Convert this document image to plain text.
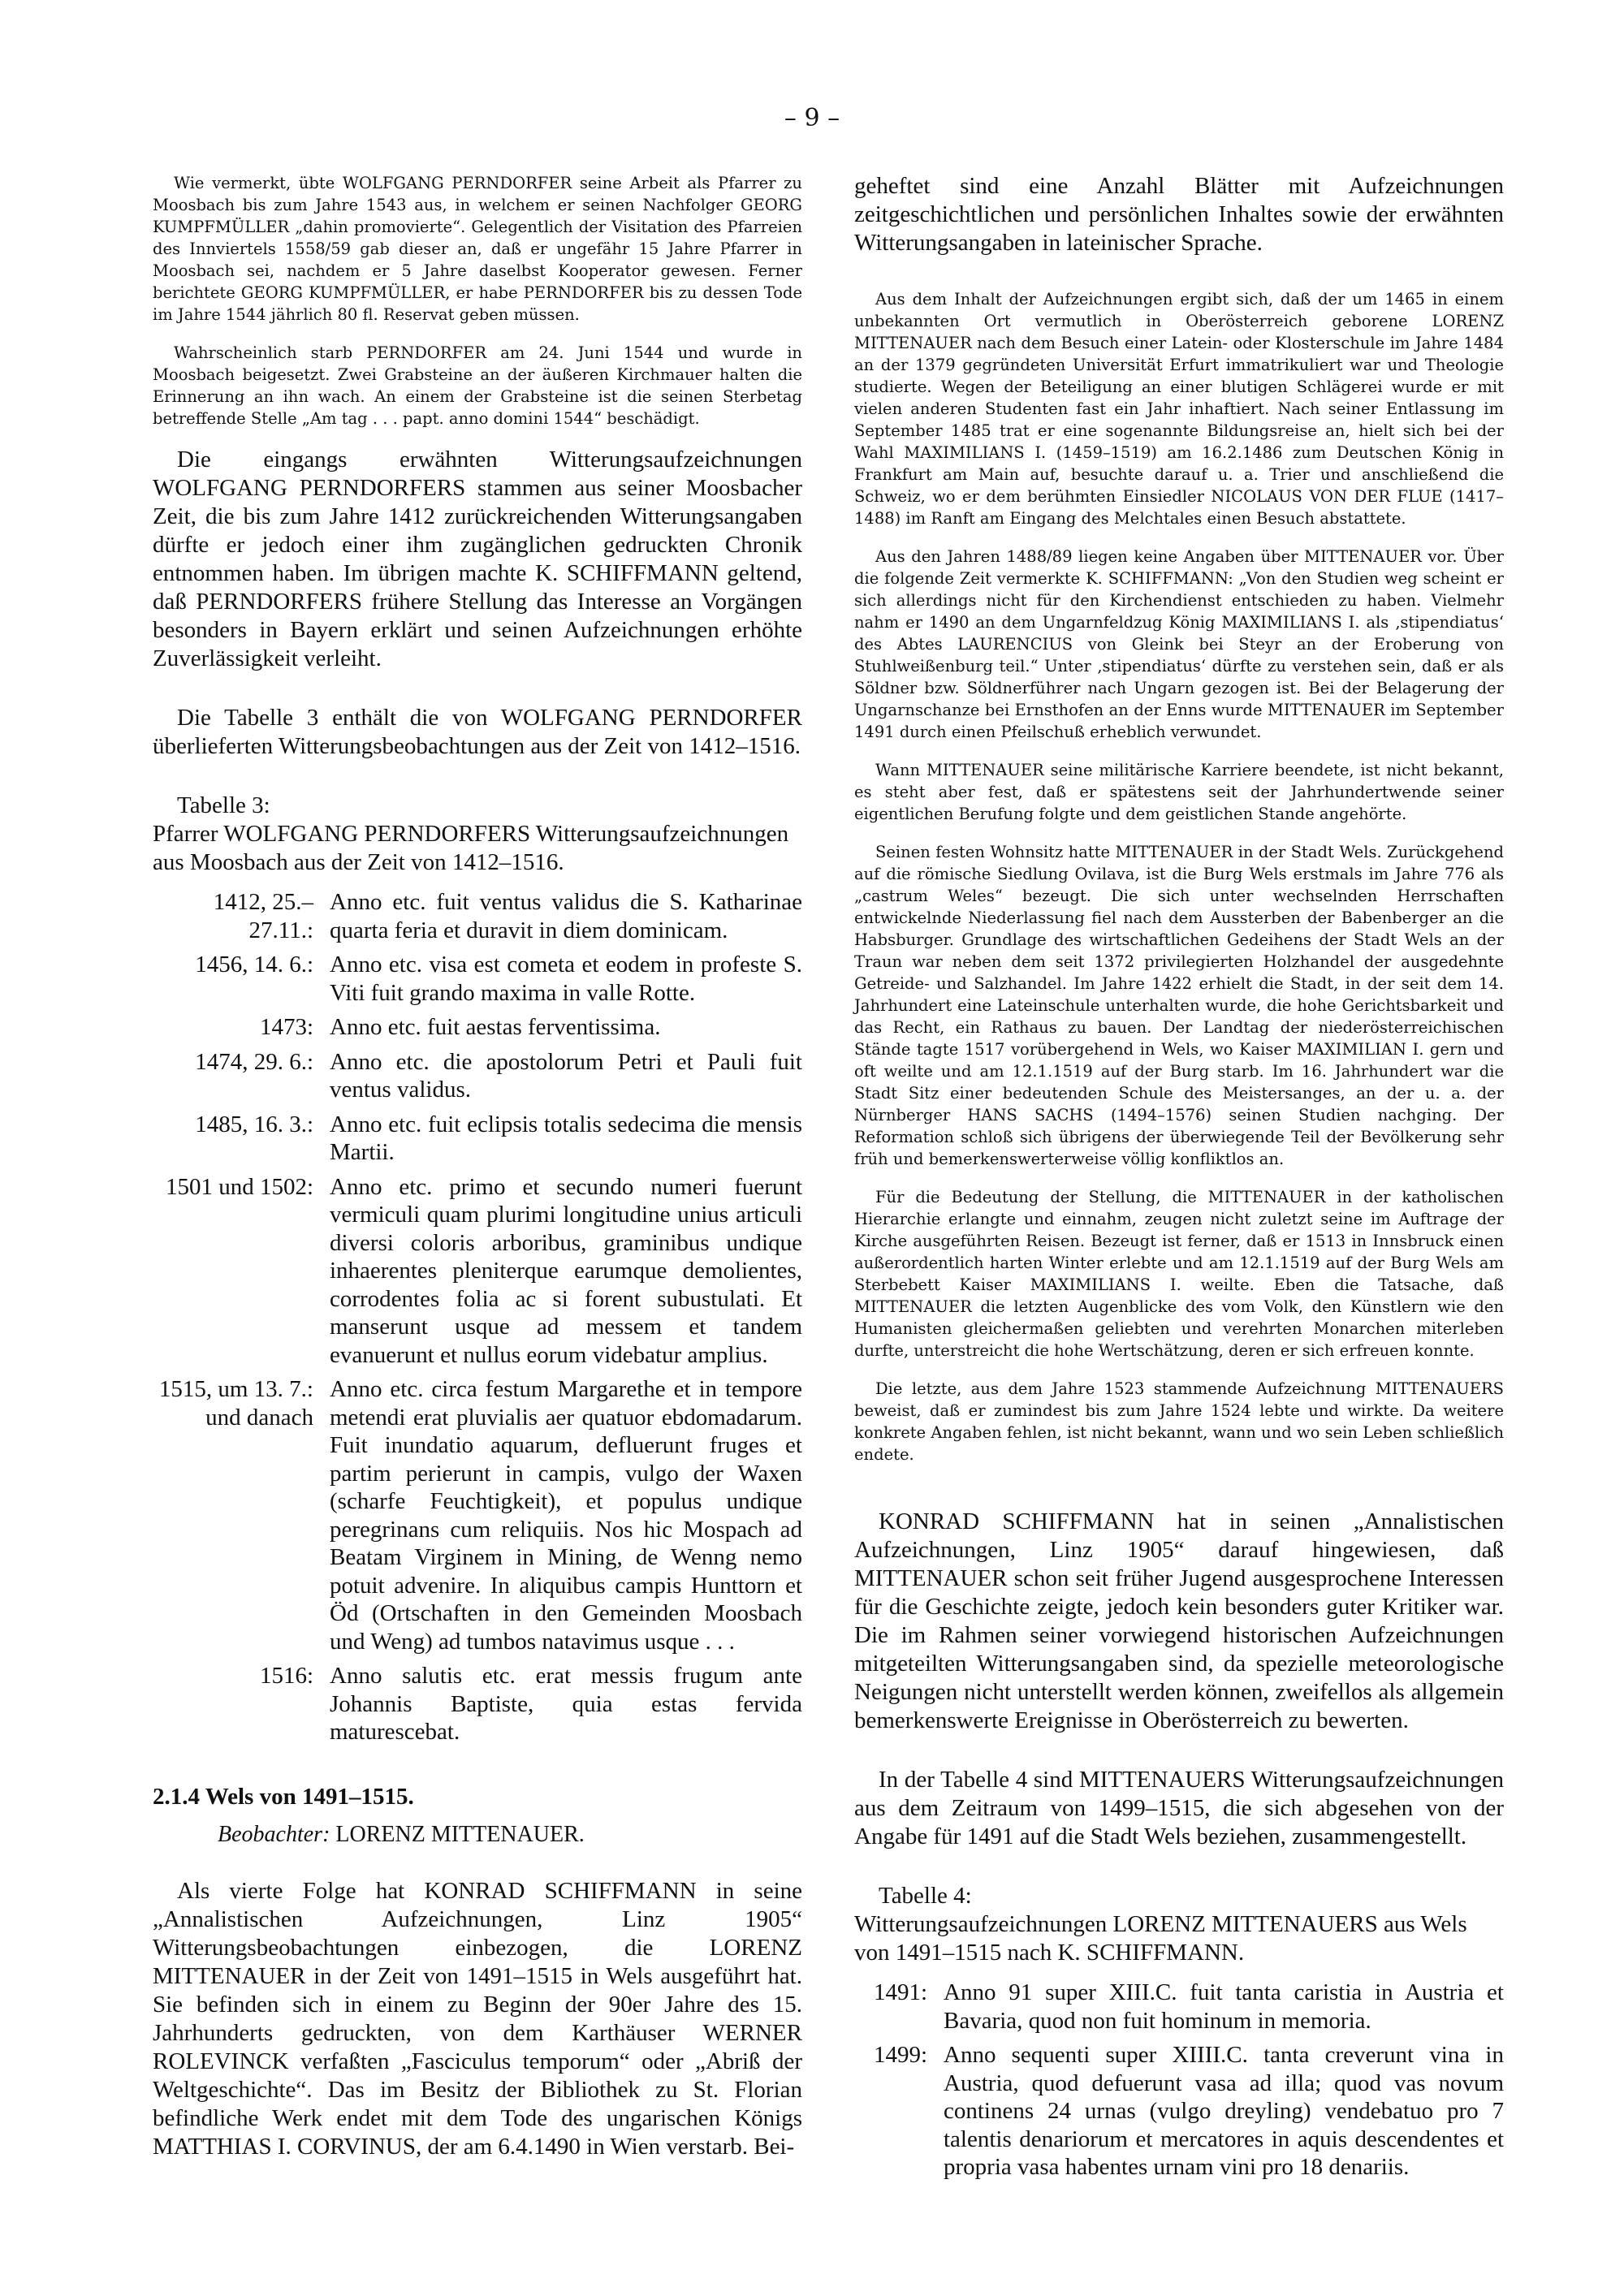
– 9 –

Wie vermerkt, übte WOLFGANG PERNDORFER seine Arbeit als Pfarrer zu Moosbach bis zum Jahre 1543 aus, in welchem er seinen Nachfolger GEORG KUMPFMÜLLER „dahin promovierte“. Gelegentlich der Visitation des Pfarreien des Innviertels 1558/59 gab dieser an, daß er ungefähr 15 Jahre Pfarrer in Moosbach sei, nachdem er 5 Jahre daselbst Kooperator gewesen. Ferner berichtete GEORG KUMPFMÜLLER, er habe PERNDORFER bis zu dessen Tode im Jahre 1544 jährlich 80 fl. Reservat geben müssen.

Wahrscheinlich starb PERNDORFER am 24. Juni 1544 und wurde in Moosbach beigesetzt. Zwei Grabsteine an der äußeren Kirchmauer halten die Erinnerung an ihn wach. An einem der Grabsteine ist die seinen Sterbetag betreffende Stelle „Am tag . . . papt. anno domini 1544“ beschädigt.

Die eingangs erwähnten Witterungsaufzeichnungen WOLFGANG PERNDORFERS stammen aus seiner Moosbacher Zeit, die bis zum Jahre 1412 zurückreichenden Witterungsangaben dürfte er jedoch einer ihm zugänglichen gedruckten Chronik entnommen haben. Im übrigen machte K. SCHIFFMANN geltend, daß PERNDORFERS frühere Stellung das Interesse an Vorgängen besonders in Bayern erklärt und seinen Aufzeichnungen erhöhte Zuverlässigkeit verleiht.

Die Tabelle 3 enthält die von WOLFGANG PERNDORFER überlieferten Witterungsbeobachtungen aus der Zeit von 1412–1516.

Tabelle 3:
Pfarrer WOLFGANG PERNDORFERS Witterungsaufzeichnungen aus Moosbach aus der Zeit von 1412–1516.
1412, 25.–27.11.:
Anno etc. fuit ventus validus die S. Katharinae quarta feria et duravit in diem dominicam.
1456, 14. 6.: Anno etc. visa est cometa et eodem in profeste S. Viti fuit grando maxima in valle Rotte.
1473: Anno etc. fuit aestas ferventissima.
1474, 29. 6.: Anno etc. die apostolorum Petri et Pauli fuit ventus validus.
1485, 16. 3.: Anno etc. fuit eclipsis totalis sedecima die mensis Martii.
1501 und 1502: Anno etc. primo et secundo numeri fuerunt vermiculi quam plurimi longitudine unius articuli diversi coloris arboribus, graminibus undique inhaerentes pleniterque earumque demolientes, corrodentes folia ac si forent subustulati. Et manserunt usque ad messem et tandem evanuerunt et nullus eorum videbatur amplius.
1515, um 13. 7.: und danach
Anno etc. circa festum Margarethe et in tempore metendi erat pluvialis aer quatuor ebdomadarum. Fuit inundatio aquarum, defluerunt fruges et partim perierunt in campis, vulgo der Waxen (scharfe Feuchtigkeit), et populus undique peregrinans cum reliquiis. Nos hic Mospach ad Beatam Virginem in Mining, de Wenng nemo potuit advenire. In aliquibus campis Hunttorn et Öd (Ortschaften in den Gemeinden Moosbach und Weng) ad tumbos natavimus usque . . .
1516: Anno salutis etc. erat messis frugum ante Johannis Baptiste, quia estas fervida maturescebat.
2.1.4 Wels von 1491–1515.
Beobachter: LORENZ MITTENAUER.

Als vierte Folge hat KONRAD SCHIFFMANN in seine „Annalistischen Aufzeichnungen, Linz 1905“ Witterungsbeobachtungen einbezogen, die LORENZ MITTENAUER in der Zeit von 1491–1515 in Wels ausgeführt hat. Sie befinden sich in einem zu Beginn der 90er Jahre des 15. Jahrhunderts gedruckten, von dem Karthäuser WERNER ROLEVINCK verfaßten „Fasciculus temporum“ oder „Abriß der Weltgeschichte“. Das im Besitz der Bibliothek zu St. Florian befindliche Werk endet mit dem Tode des ungarischen Königs MATTHIAS I. CORVINUS, der am 6.4.1490 in Wien verstarb. Bei-

geheftet sind eine Anzahl Blätter mit Aufzeichnungen zeitgeschichtlichen und persönlichen Inhaltes sowie der erwähnten Witterungsangaben in lateinischer Sprache.

Aus dem Inhalt der Aufzeichnungen ergibt sich, daß der um 1465 in einem unbekannten Ort vermutlich in Oberösterreich geborene LORENZ MITTENAUER nach dem Besuch einer Latein- oder Klosterschule im Jahre 1484 an der 1379 gegründeten Universität Erfurt immatrikuliert war und Theologie studierte. Wegen der Beteiligung an einer blutigen Schlägerei wurde er mit vielen anderen Studenten fast ein Jahr inhaftiert. Nach seiner Entlassung im September 1485 trat er eine sogenannte Bildungsreise an, hielt sich bei der Wahl MAXIMILIANS I. (1459–1519) am 16.2.1486 zum Deutschen König in Frankfurt am Main auf, besuchte darauf u. a. Trier und anschließend die Schweiz, wo er dem berühmten Einsiedler NICOLAUS VON DER FLUE (1417–1488) im Ranft am Eingang des Melchtales einen Besuch abstattete.

Aus den Jahren 1488/89 liegen keine Angaben über MITTENAUER vor. Über die folgende Zeit vermerkte K. SCHIFFMANN: „Von den Studien weg scheint er sich allerdings nicht für den Kirchendienst entschieden zu haben. Vielmehr nahm er 1490 an dem Ungarnfeldzug König MAXIMILIANS I. als ‚stipendiatus‘ des Abtes LAURENCIUS von Gleink bei Steyr an der Eroberung von Stuhlweißenburg teil.“ Unter ‚stipendiatus‘ dürfte zu verstehen sein, daß er als Söldner bzw. Söldnerführer nach Ungarn gezogen ist. Bei der Belagerung der Ungarnschanze bei Ernsthofen an der Enns wurde MITTENAUER im September 1491 durch einen Pfeilschuß erheblich verwundet.

Wann MITTENAUER seine militärische Karriere beendete, ist nicht bekannt, es steht aber fest, daß er spätestens seit der Jahrhundertwende seiner eigentlichen Berufung folgte und dem geistlichen Stande angehörte.

Seinen festen Wohnsitz hatte MITTENAUER in der Stadt Wels. Zurückgehend auf die römische Siedlung Ovilava, ist die Burg Wels erstmals im Jahre 776 als „castrum Weles“ bezeugt. Die sich unter wechselnden Herrschaften entwickelnde Niederlassung fiel nach dem Aussterben der Babenberger an die Habsburger. Grundlage des wirtschaftlichen Gedeihens der Stadt Wels an der Traun war neben dem seit 1372 privilegierten Holzhandel der ausgedehnte Getreide- und Salzhandel. Im Jahre 1422 erhielt die Stadt, in der seit dem 14. Jahrhundert eine Lateinschule unterhalten wurde, die hohe Gerichtsbarkeit und das Recht, ein Rathaus zu bauen. Der Landtag der niederösterreichischen Stände tagte 1517 vorübergehend in Wels, wo Kaiser MAXIMILIAN I. gern und oft weilte und am 12.1.1519 auf der Burg starb. Im 16. Jahrhundert war die Stadt Sitz einer bedeutenden Schule des Meistersanges, an der u. a. der Nürnberger HANS SACHS (1494–1576) seinen Studien nachging. Der Reformation schloß sich übrigens der überwiegende Teil der Bevölkerung sehr früh und bemerkenswerterweise völlig konfliktlos an.

Für die Bedeutung der Stellung, die MITTENAUER in der katholischen Hierarchie erlangte und einnahm, zeugen nicht zuletzt seine im Auftrage der Kirche ausgeführten Reisen. Bezeugt ist ferner, daß er 1513 in Innsbruck einen außerordentlich harten Winter erlebte und am 12.1.1519 auf der Burg Wels am Sterbebett Kaiser MAXIMILIANS I. weilte. Eben die Tatsache, daß MITTENAUER die letzten Augenblicke des vom Volk, den Künstlern wie den Humanisten gleichermaßen geliebten und verehrten Monarchen miterleben durfte, unterstreicht die hohe Wertschätzung, deren er sich erfreuen konnte.

Die letzte, aus dem Jahre 1523 stammende Aufzeichnung MITTENAUERS beweist, daß er zumindest bis zum Jahre 1524 lebte und wirkte. Da weitere konkrete Angaben fehlen, ist nicht bekannt, wann und wo sein Leben schließlich endete.

KONRAD SCHIFFMANN hat in seinen „Annalistischen Aufzeichnungen, Linz 1905“ darauf hingewiesen, daß MITTENAUER schon seit früher Jugend ausgesprochene Interessen für die Geschichte zeigte, jedoch kein besonders guter Kritiker war. Die im Rahmen seiner vorwiegend historischen Aufzeichnungen mitgeteilten Witterungsangaben sind, da spezielle meteorologische Neigungen nicht unterstellt werden können, zweifellos als allgemein bemerkenswerte Ereignisse in Oberösterreich zu bewerten.

In der Tabelle 4 sind MITTENAUERS Witterungsaufzeichnungen aus dem Zeitraum von 1499–1515, die sich abgesehen von der Angabe für 1491 auf die Stadt Wels beziehen, zusammengestellt.

Tabelle 4:
Witterungsaufzeichnungen LORENZ MITTENAUERS aus Wels von 1491–1515 nach K. SCHIFFMANN.
1491: Anno 91 super XIII.C. fuit tanta caristia in Austria et Bavaria, quod non fuit hominum in memoria.
1499: Anno sequenti super XIIII.C. tanta creverunt vina in Austria, quod defuerunt vasa ad illa; quod vas novum continens 24 urnas (vulgo dreyling) vendebatuo pro 7 talentis denariorum et mercatores in aquis descendentes et propria vasa habentes urnam vini pro 18 denariis.
